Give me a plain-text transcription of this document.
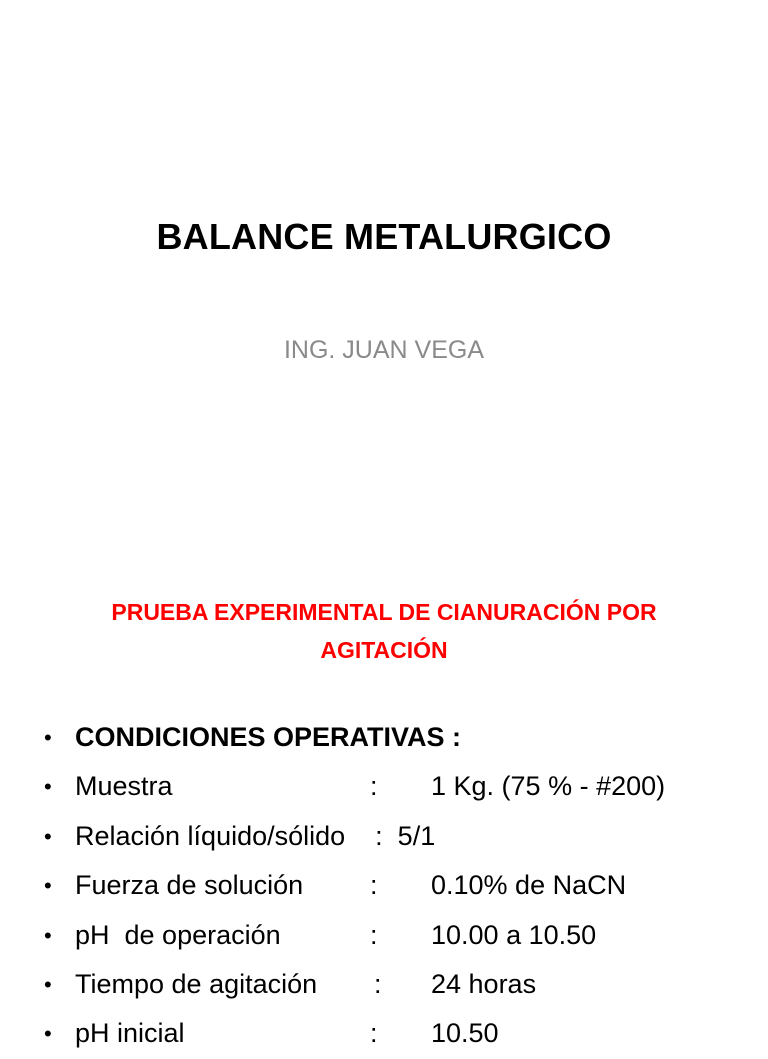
BALANCE METALURGICO
ING. JUAN VEGA
PRUEBA EXPERIMENTAL DE CIANURACIÓN POR
AGITACIÓN
• CONDICIONES OPERATIVAS :
• Muestra	: 1 Kg. (75 % - #200)
• Relación líquido/sólido    :  5/1
• Fuerza de solución : 0.10% de NaCN
• pH  de operación	: 10.00 a 10.50
• Tiempo de agitación : 24 horas
• pH inicial	: 10.50
